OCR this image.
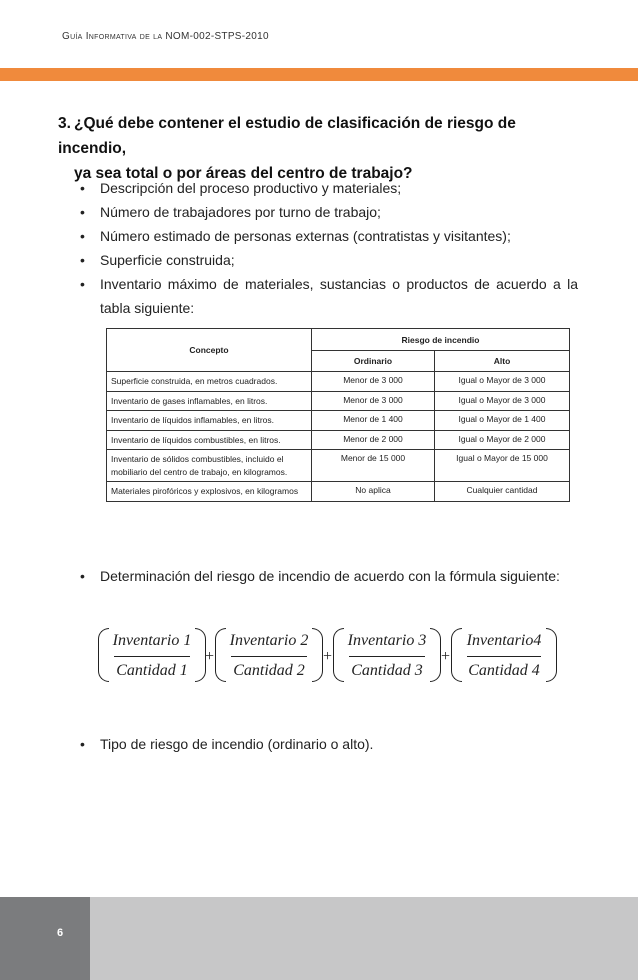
Guía Informativa de la NOM-002-STPS-2010
3. ¿Qué debe contener el estudio de clasificación de riesgo de incendio,
ya sea total o por áreas del centro de trabajo?
• Descripción del proceso productivo y materiales;
• Número de trabajadores por turno de trabajo;
• Número estimado de personas externas (contratistas y visitantes);
• Superficie construida;
• Inventario máximo de materiales, sustancias o productos de acuerdo a la tabla siguiente:
Concepto	Riesgo de incendio	
	Ordinario	Alto
Superficie construida, en metros cuadrados.	Menor de 3 000	Igual o Mayor de 3 000
Inventario de gases inflamables, en litros.	Menor de 3 000	Igual o Mayor de 3 000
Inventario de líquidos inflamables, en litros.	Menor de 1 400	Igual o Mayor de 1 400
Inventario de líquidos combustibles, en litros.	Menor de 2 000	Igual o Mayor de 2 000
Inventario de sólidos combustibles, incluido el mobiliario del centro de trabajo, en kilogramos.	Menor de 15 000	Igual o Mayor de 15 000
Materiales pirofóricos y explosivos, en kilogramos	No aplica	Cualquier cantidad
• Determinación del riesgo de incendio de acuerdo con la fórmula siguiente:
Inventario 1
Cantidad 1
+
Inventario 2
Cantidad 2
+
Inventario 3
Cantidad 3
+
Inventario4
Cantidad 4
• Tipo de riesgo de incendio (ordinario o alto).
6
